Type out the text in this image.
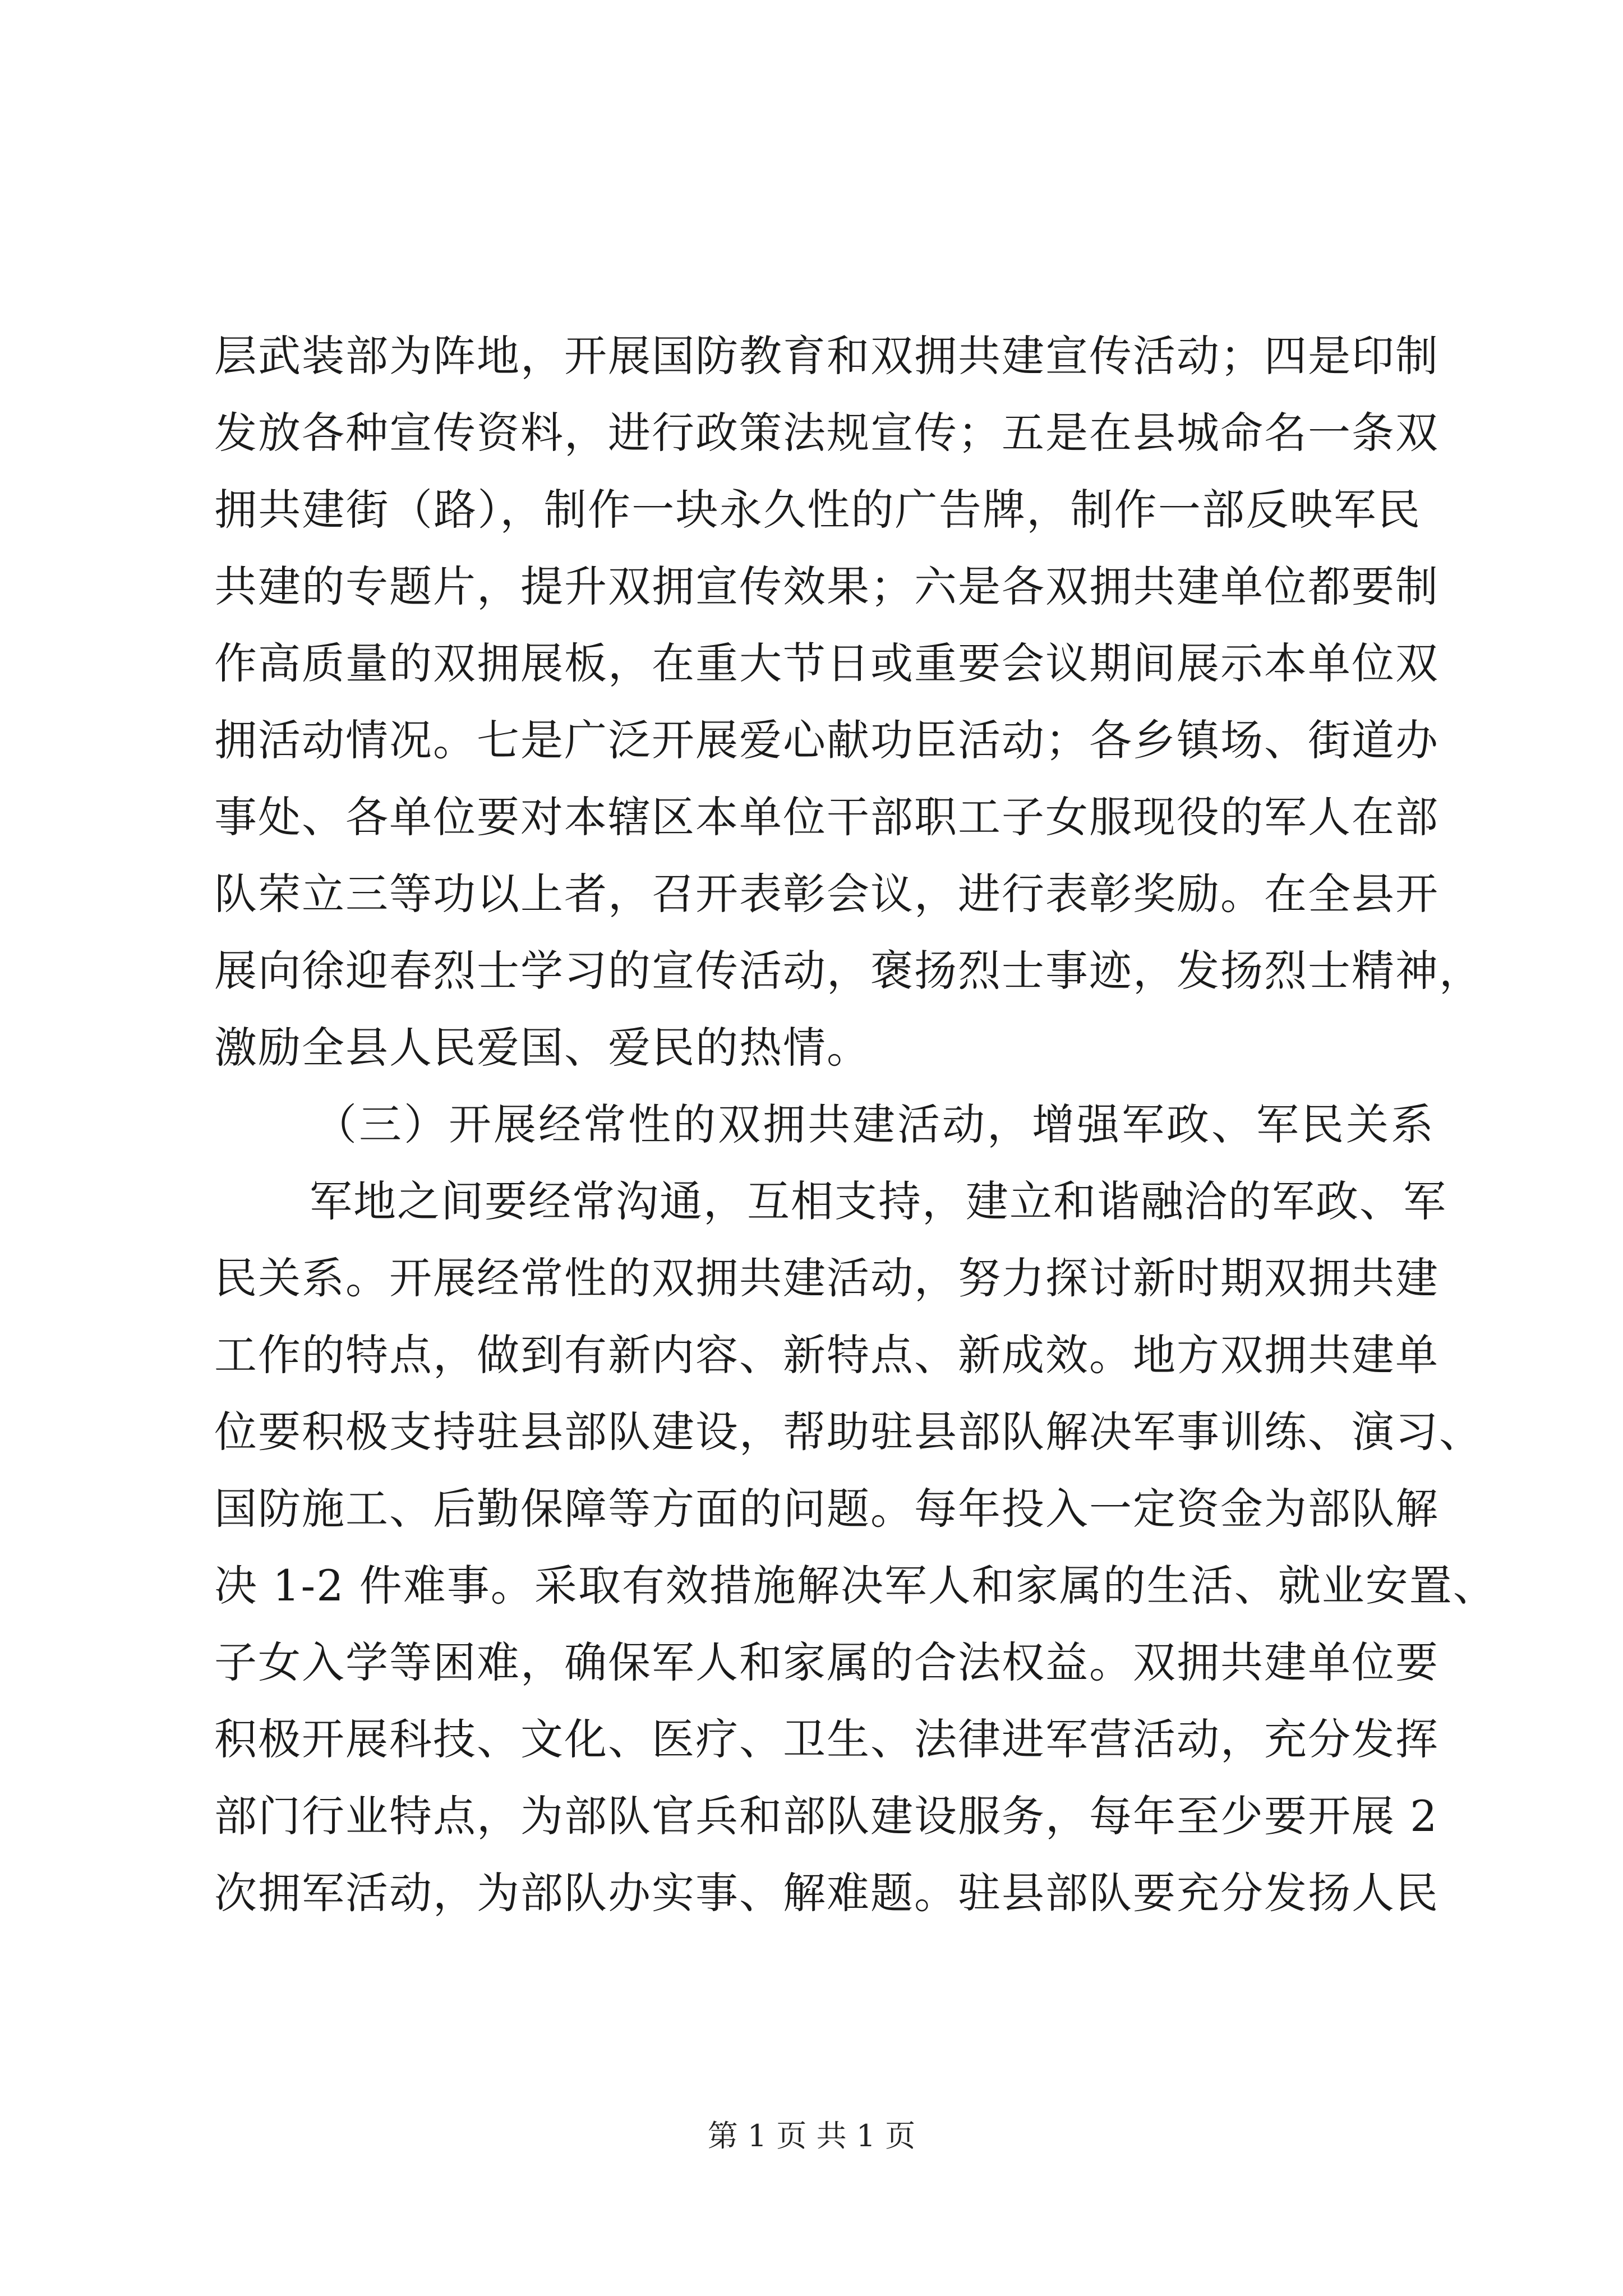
层武装部为阵地，开展国防教育和双拥共建宣传活动；四是印制
发放各种宣传资料，进行政策法规宣传；五是在县城命名一条双
拥共建街（路），制作一块永久性的广告牌，制作一部反映军民
共建的专题片，提升双拥宣传效果；六是各双拥共建单位都要制
作高质量的双拥展板，在重大节日或重要会议期间展示本单位双
拥活动情况。七是广泛开展爱心献功臣活动；各乡镇场、街道办
事处、各单位要对本辖区本单位干部职工子女服现役的军人在部
队荣立三等功以上者，召开表彰会议，进行表彰奖励。在全县开
展向徐迎春烈士学习的宣传活动，褒扬烈士事迹，发扬烈士精神，
激励全县人民爱国、爱民的热情。
（三）开展经常性的双拥共建活动，增强军政、军民关系
军地之间要经常沟通，互相支持，建立和谐融洽的军政、军
民关系。开展经常性的双拥共建活动，努力探讨新时期双拥共建
工作的特点，做到有新内容、新特点、新成效。地方双拥共建单
位要积极支持驻县部队建设，帮助驻县部队解决军事训练、演习、
国防施工、后勤保障等方面的问题。每年投入一定资金为部队解
决 1-2 件难事。采取有效措施解决军人和家属的生活、就业安置、
子女入学等困难，确保军人和家属的合法权益。双拥共建单位要
积极开展科技、文化、医疗、卫生、法律进军营活动，充分发挥
部门行业特点，为部队官兵和部队建设服务，每年至少要开展 2
次拥军活动，为部队办实事、解难题。驻县部队要充分发扬人民
第 1 页 共 1 页
